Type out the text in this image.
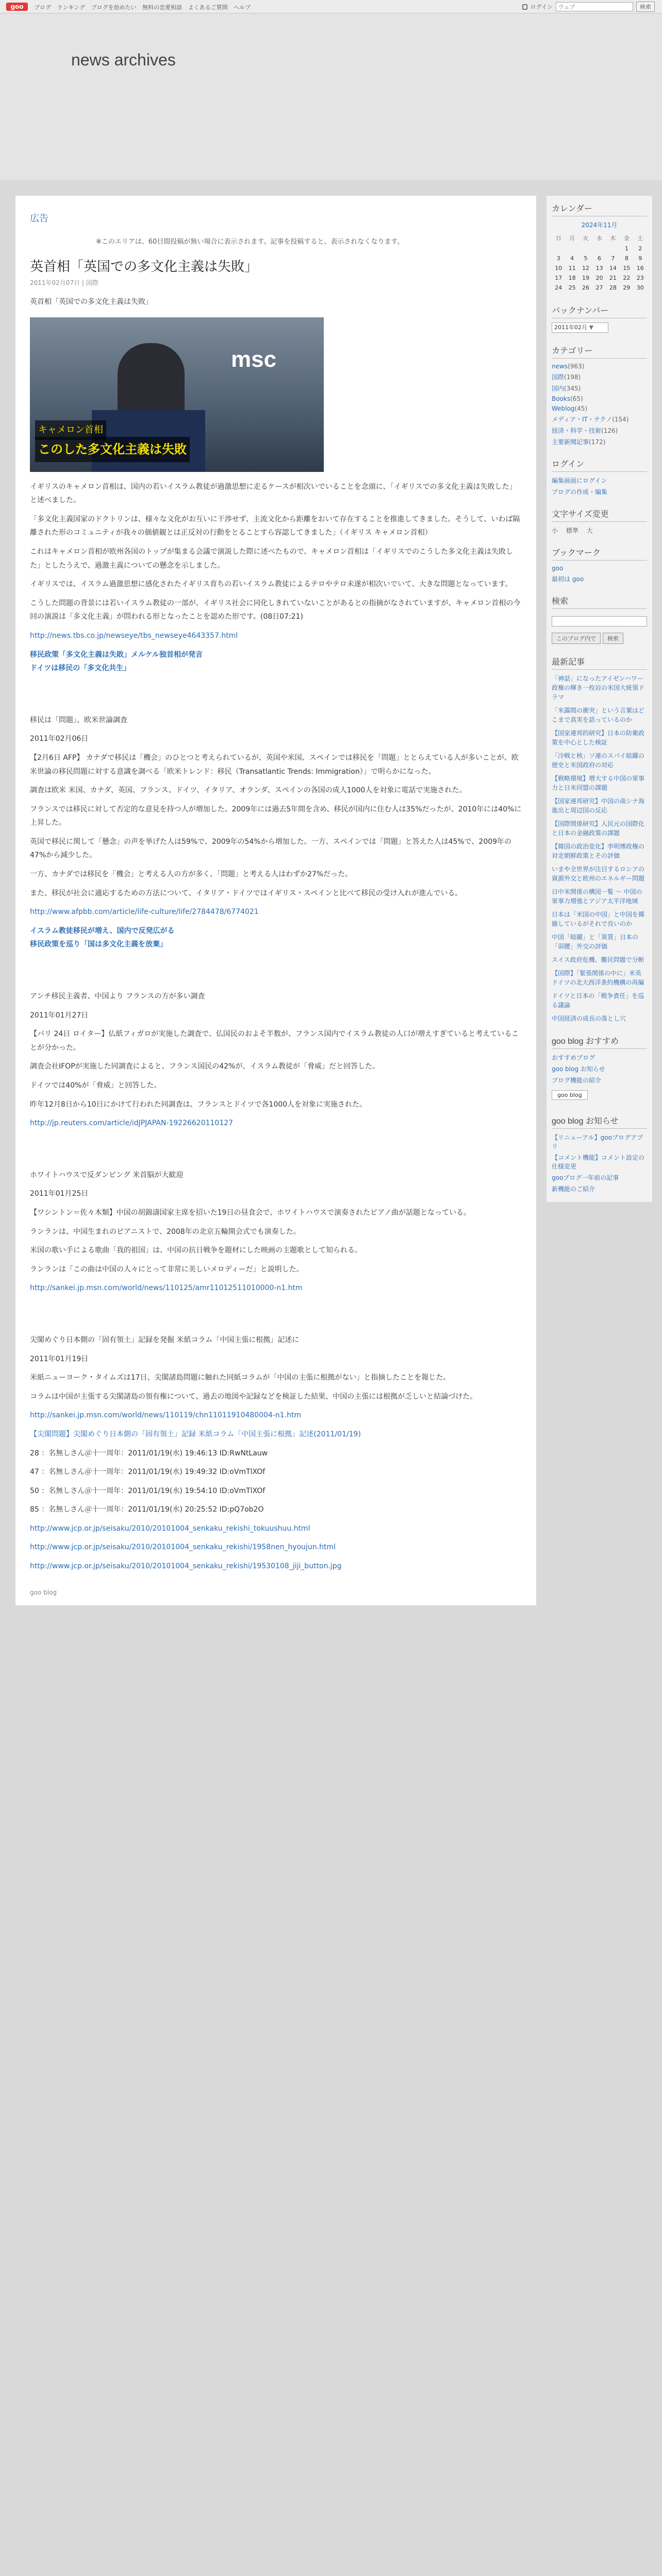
goo	ブログ ランキング ブログを始めたい 無料の恋愛相談 よくあるご質問 ヘルプ	ログイン
ウェブ	検索
news archives
広告
※このエリアは、60日間投稿が無い場合に表示されます。記事を投稿すると、表示されなくなります。
英首相「英国での多文化主義は失敗」
2011年02月07日 | 国際

英首相「英国での多文化主義は失敗」

msc
キャメロン首相
このした多文化主義は失敗

イギリスのキャメロン首相は、国内の若いイスラム教徒が過激思想に走るケースが相次いでいることを念頭に、「イギリスでの多文化主義は失敗した」と述べました。

「多文化主義国家のドクトリンは、様々な文化がお互いに干渉せず、主流文化から距離をおいて存在することを推進してきました。そうして、いわば隔離された形のコミュニティが我々の価値観とは正反対の行動をとることすら容認してきました」（イギリス キャメロン首相）

これはキャメロン首相が欧州各国のトップが集まる会議で演説した際に述べたもので、キャメロン首相は「イギリスでのこうした多文化主義は失敗した」としたうえで、過激主義についての懸念を示しました。

イギリスでは、イスラム過激思想に感化されたイギリス育ちの若いイスラム教徒によるテロやテロ未遂が相次いでいて、大きな問題となっています。

こうした問題の背景には若いイスラム教徒の一部が、イギリス社会に同化しきれていないことがあるとの指摘がなされていますが、キャメロン首相の今回の演説は「多文化主義」が問われる形となったことを認めた形です。(08日07:21)

http://news.tbs.co.jp/newseye/tbs_newseye4643357.html

移民政策「多文化主義は失敗」メルケル独首相が発言
ドイツは移民の「多文化共生」

移民は「問題」、欧米世論調査

2011年02月06日

【2月6日 AFP】 カナダで移民は「機会」のひとつと考えられているが、英国や米国、スペインでは移民を「問題」ととらえている人が多いことが、欧米世論の移民問題に対する意識を調べる「欧米トレンド：移民（Transatlantic Trends: Immigration）」で明らかになった。

調査は欧米 米国、カナダ、英国、フランス、ドイツ、イタリア、オランダ、スペインの各国の成人1000人を対象に電話で実施された。

フランスでは移民に対して否定的な意見を持つ人が増加した。2009年には過去5年間を含め、移民が国内に住む人は35%だったが、2010年には40%に上昇した。

英国で移民に関して「懸念」の声を挙げた人は59%で、2009年の54%から増加した。一方、スペインでは「問題」と答えた人は45%で、2009年の47%から減少した。

一方、カナダでは移民を「機会」と考える人の方が多く、「問題」と考える人はわずか27%だった。

また、移民が社会に適応するための方法について、イタリア・ドイツではイギリス・スペインと比べて移民の受け入れが進んでいる。

http://www.afpbb.com/article/life-culture/life/2784478/6774021

イスラム教徒移民が増え、国内で反発広がる
移民政策を巡り「国は多文化主義を放棄」

アンチ移民主義者、中国より フランスの方が多い調査

2011年01月27日

【パリ 24日 ロイター】仏紙フィガロが実施した調査で、仏国民のおよそ半数が、フランス国内でイスラム教徒の人口が増えすぎていると考えていることが分かった。

調査会社IFOPが実施した同調査によると、フランス国民の42%が、イスラム教徒が「脅威」だと回答した。

ドイツでは40%が「脅威」と回答した。

昨年12月8日から10日にかけて行われた同調査は、フランスとドイツで各1000人を対象に実施された。

http://jp.reuters.com/article/idJPJAPAN-19226620110127

ホワイトハウスで反ダンピング 米首脳が大歓迎

2011年01月25日

【ワシントン＝佐々木類】中国の胡錦濤国家主席を招いた19日の昼食会で、ホワイトハウスで演奏されたピアノ曲が話題となっている。

ランランは、中国生まれのピアニストで、2008年の北京五輪開会式でも演奏した。

米国の歌い手による歌曲「我的祖国」は、中国の抗日戦争を題材にした映画の主題歌として知られる。

ランランは「この曲は中国の人々にとって非常に美しいメロディーだ」と説明した。

http://sankei.jp.msn.com/world/news/110125/amr11012511010000-n1.htm

尖閣めぐり日本側の「固有領土」記録を発掘 米紙コラム「中国主張に根拠」記述に

2011年01月19日

米紙ニューヨーク・タイムズは17日、尖閣諸島問題に触れた同紙コラムが「中国の主張に根拠がない」と指摘したことを報じた。

コラムは中国が主張する尖閣諸島の領有権について、過去の地図や記録などを検証した結果、中国の主張には根拠が乏しいと結論づけた。

http://sankei.jp.msn.com/world/news/110119/chn11011910480004-n1.htm

【尖閣問題】尖閣めぐり日本側の「固有領土」記録 米紙コラム「中国主張に根拠」記述(2011/01/19)

28 ：名無しさん＠十一周年：2011/01/19(水) 19:46:13 ID:RwNtLauw

47 ：名無しさん＠十一周年：2011/01/19(水) 19:49:32 ID:oVmTlXOf

50 ：名無しさん＠十一周年：2011/01/19(水) 19:54:10 ID:oVmTlXOf

85 ：名無しさん＠十一周年：2011/01/19(水) 20:25:52 ID:pQ7ob2O

http://www.jcp.or.jp/seisaku/2010/20101004_senkaku_rekishi_tokuushuu.html

http://www.jcp.or.jp/seisaku/2010/20101004_senkaku_rekishi/1958nen_hyoujun.html

http://www.jcp.or.jp/seisaku/2010/20101004_senkaku_rekishi/19530108_jiji_button.jpg

goo blog
カレンダー
2024年11月
日	月	火	水	木	金	土
					1	2
3	4	5	6	7	8	9
10	11	12	13	14	15	16
17	18	19	20	21	22	23
24	25	26	27	28	29	30
バックナンバー
2011年02月 ▼
カテゴリー
news(963)
国際(198)
国内(345)
Books(65)
Weblog(45)
メディア・IT・テクノ(154)
経済・科学・技術(126)
主要新聞記事(172)
ログイン
編集画面にログイン
ブログの作成・編集
文字サイズ変更
小　 標準　 大
ブックマーク
goo
最初は goo
検索
このブログ内で 検索
最新記事
「神話」になったアイゼンハワー政権の輝き一枚岩の米国大統領ドラマ
「米露間の衝突」という言葉はどこまで真実を語っているのか
【国家連邦的研究】日本の防衛政策を中心とした検証
「冷戦と核」ソ連のスパイ暗躍の歴史と米国政府の対応
【戦略環境】増大する中国の軍事力と日米同盟の課題
【国家連邦研究】中国の南シナ海進出と周辺国の反応
【国際関係研究】人民元の国際化と日本の金融政策の課題
【韓国の政治変化】李明博政権の対北朝鮮政策とその評価
いまや全世界が注目するロシアの資源外交と欧州のエネルギー問題
日中米関係の構図一覧 〜 中国の軍事力増強とアジア太平洋地域
日本は「米国の中国」と中国を揶揄しているがそれで良いのか
中国「暗躍」と「異質」日本の「弱腰」外交の評価
スイス政府危機、難民問題で分断
【国際】「緊張関係の中に」米英ドイツの北大西洋条約機構の再編
ドイツと日本の「戦争責任」を巡る議論
中国経済の成長の落とし穴
goo blog おすすめ
おすすめブログ
goo blog お知らせ
ブログ機能の紹介
goo blog
goo blog お知らせ
【リニューアル】gooブログアプリ
【コメント機能】コメント設定の仕様変更
gooブログ一年前の記事
新機能のご紹介
